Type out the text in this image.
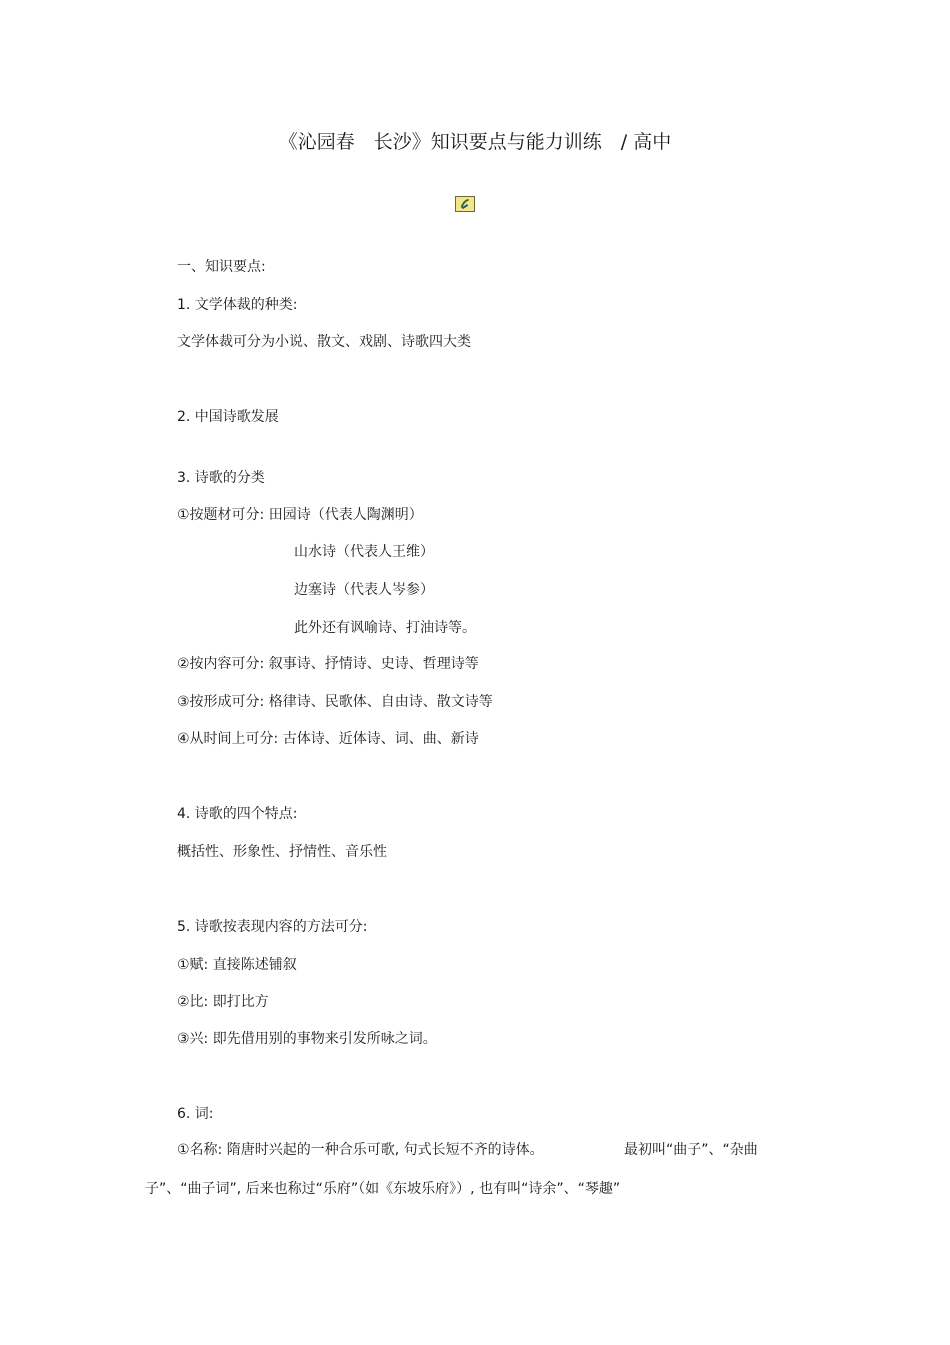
《沁园春　长沙》知识要点与能力训练　/ 高中
一、知识要点:
1. 文学体裁的种类:
文学体裁可分为小说、散文、戏剧、诗歌四大类
2. 中国诗歌发展
3. 诗歌的分类
①按题材可分: 田园诗（代表人陶渊明）
山水诗（代表人王维）
边塞诗（代表人岑参）
此外还有讽喻诗、打油诗等。
②按内容可分: 叙事诗、抒情诗、史诗、哲理诗等
③按形成可分: 格律诗、民歌体、自由诗、散文诗等
④从时间上可分: 古体诗、近体诗、词、曲、新诗
4. 诗歌的四个特点:
概括性、形象性、抒情性、音乐性
5. 诗歌按表现内容的方法可分:
①赋: 直接陈述铺叙
②比: 即打比方
③兴: 即先借用别的事物来引发所咏之词。
6. 词:
①名称: 隋唐时兴起的一种合乐可歌, 句式长短不齐的诗体。	最初叫“曲子”、“杂曲
子”、“曲子词”, 后来也称过“乐府”（如《东坡乐府》）, 也有叫“诗余”、“琴趣”
